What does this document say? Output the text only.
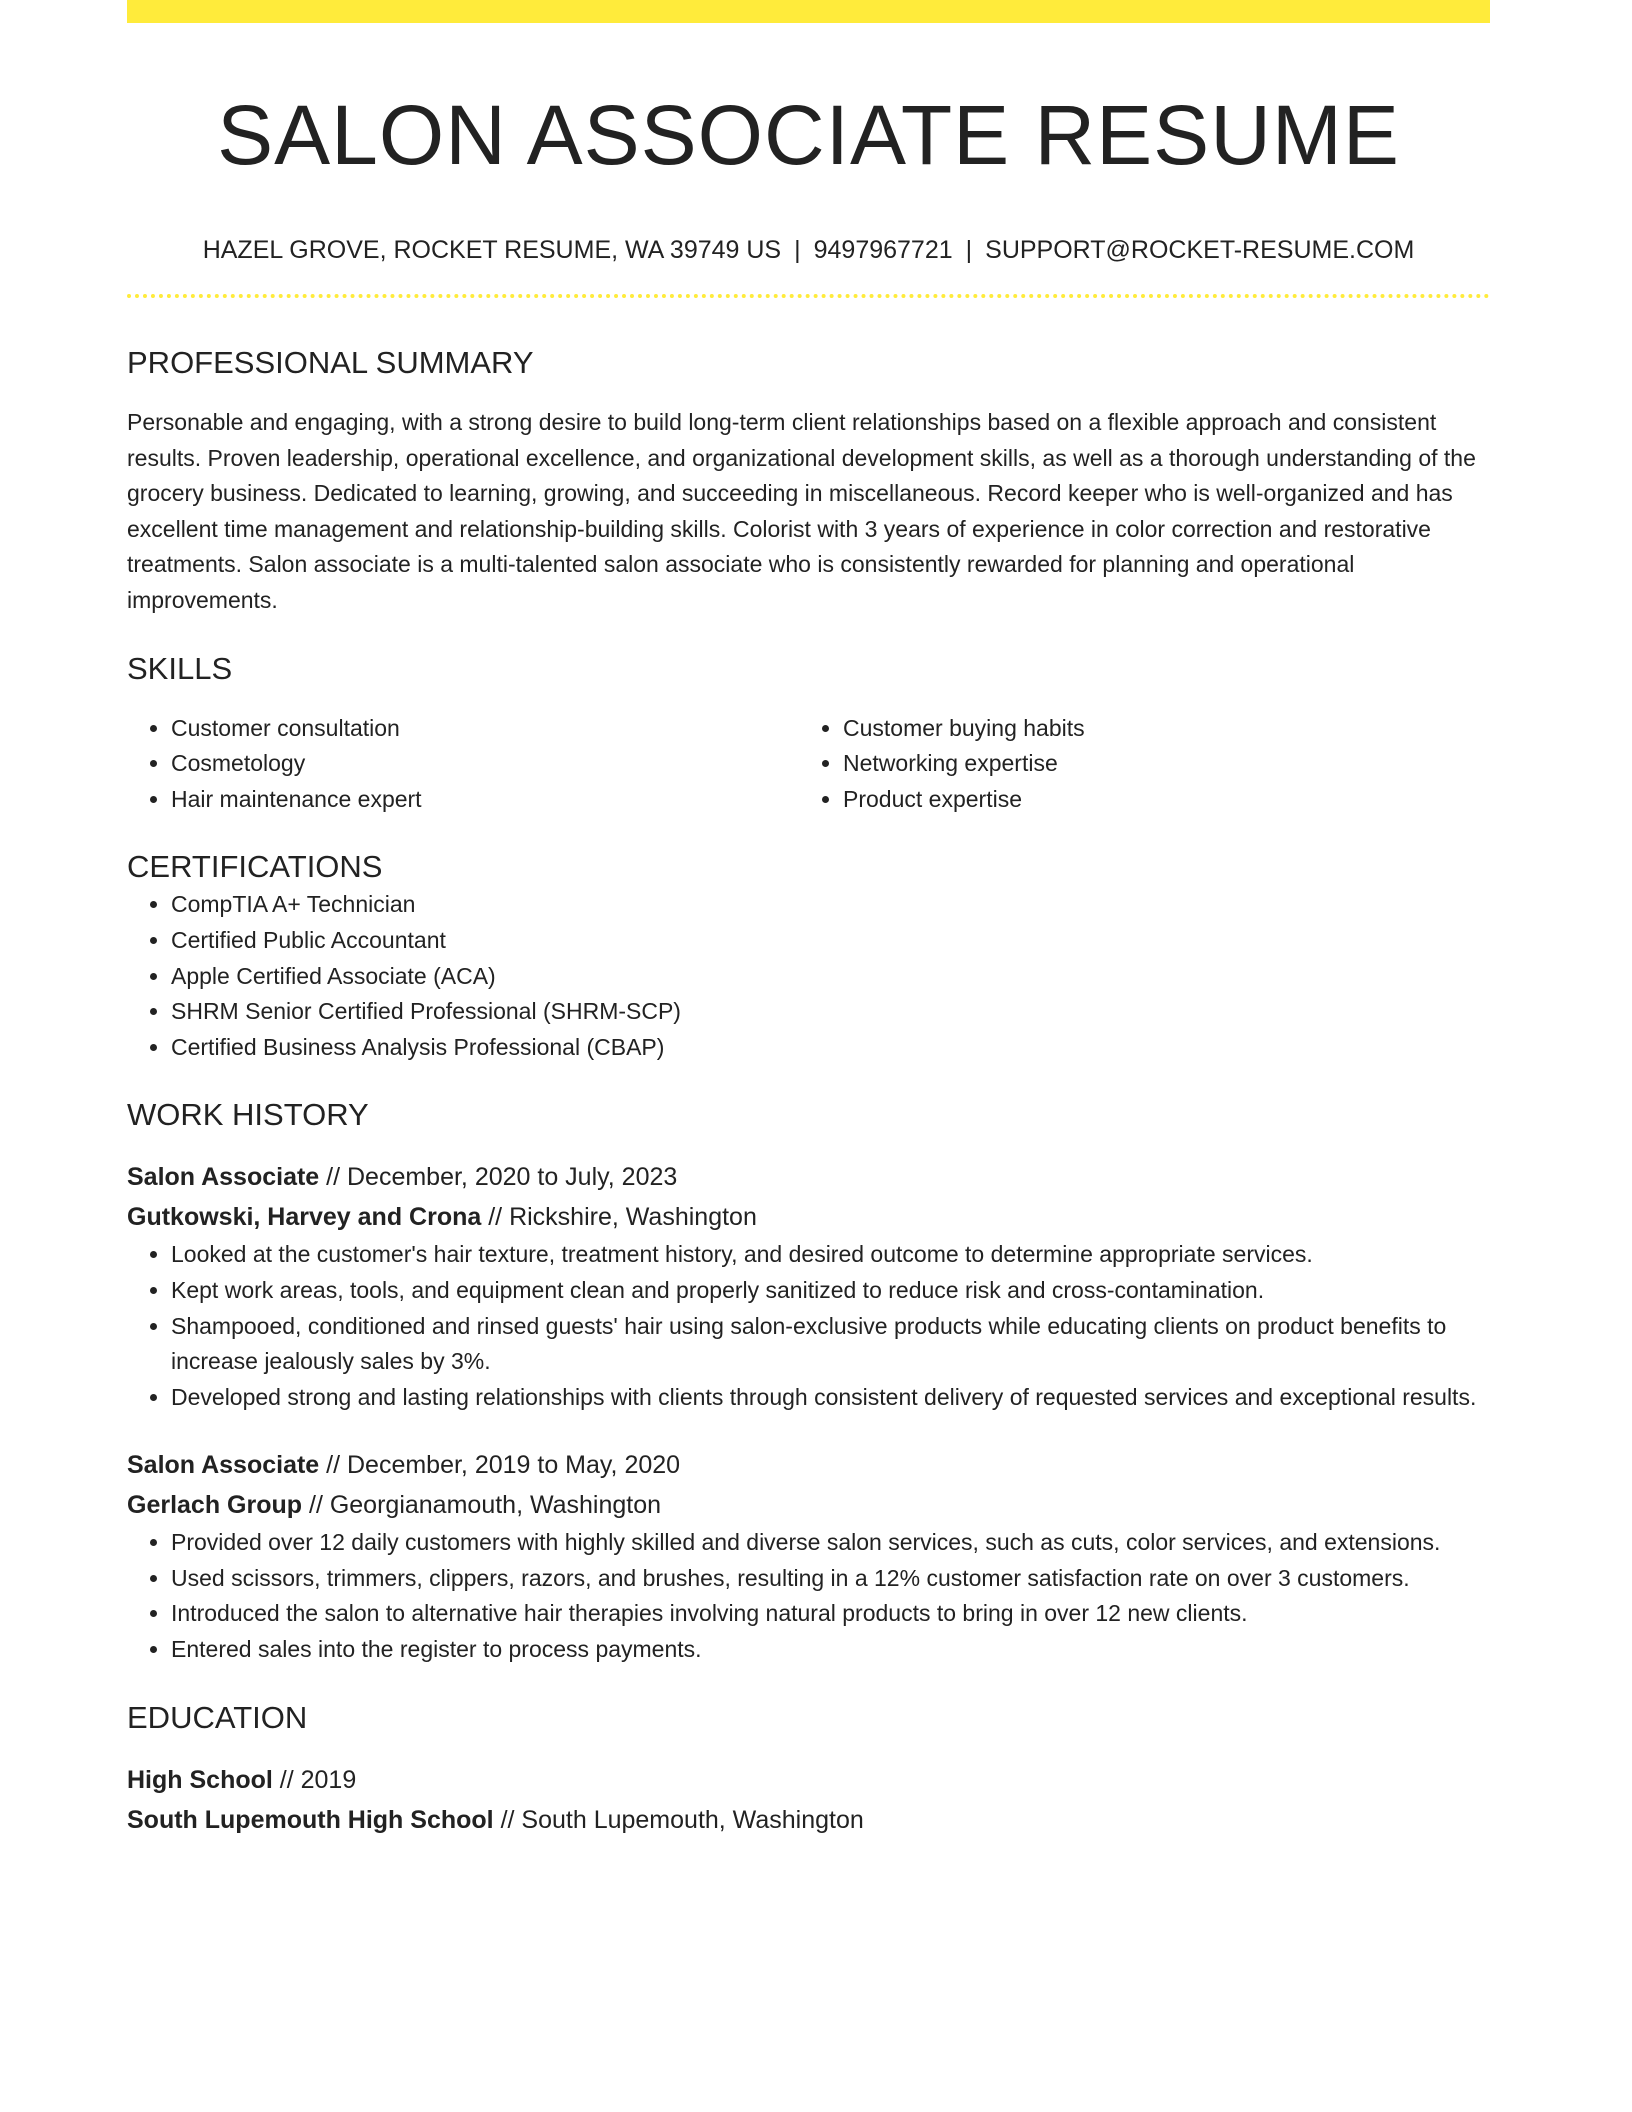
SALON ASSOCIATE RESUME
HAZEL GROVE, ROCKET RESUME, WA 39749 US | 9497967721 | SUPPORT@ROCKET-RESUME.COM
PROFESSIONAL SUMMARY

Personable and engaging, with a strong desire to build long-term client relationships based on a flexible approach and consistent results. Proven leadership, operational excellence, and organizational development skills, as well as a thorough understanding of the grocery business. Dedicated to learning, growing, and succeeding in miscellaneous. Record keeper who is well-organized and has excellent time management and relationship-building skills. Colorist with 3 years of experience in color correction and restorative treatments. Salon associate is a multi-talented salon associate who is consistently rewarded for planning and operational improvements.

SKILLS
• Customer consultation
• Cosmetology
• Hair maintenance expert
• Customer buying habits
• Networking expertise
• Product expertise
CERTIFICATIONS
• CompTIA A+ Technician
• Certified Public Accountant
• Apple Certified Associate (ACA)
• SHRM Senior Certified Professional (SHRM-SCP)
• Certified Business Analysis Professional (CBAP)
WORK HISTORY
Salon Associate // December, 2020 to July, 2023
Gutkowski, Harvey and Crona // Rickshire, Washington
• Looked at the customer's hair texture, treatment history, and desired outcome to determine appropriate services.
• Kept work areas, tools, and equipment clean and properly sanitized to reduce risk and cross-contamination.
• Shampooed, conditioned and rinsed guests' hair using salon-exclusive products while educating clients on product benefits to increase jealously sales by 3%.
• Developed strong and lasting relationships with clients through consistent delivery of requested services and exceptional results.
Salon Associate // December, 2019 to May, 2020
Gerlach Group // Georgianamouth, Washington
• Provided over 12 daily customers with highly skilled and diverse salon services, such as cuts, color services, and extensions.
• Used scissors, trimmers, clippers, razors, and brushes, resulting in a 12% customer satisfaction rate on over 3 customers.
• Introduced the salon to alternative hair therapies involving natural products to bring in over 12 new clients.
• Entered sales into the register to process payments.
EDUCATION
High School // 2019
South Lupemouth High School // South Lupemouth, Washington
